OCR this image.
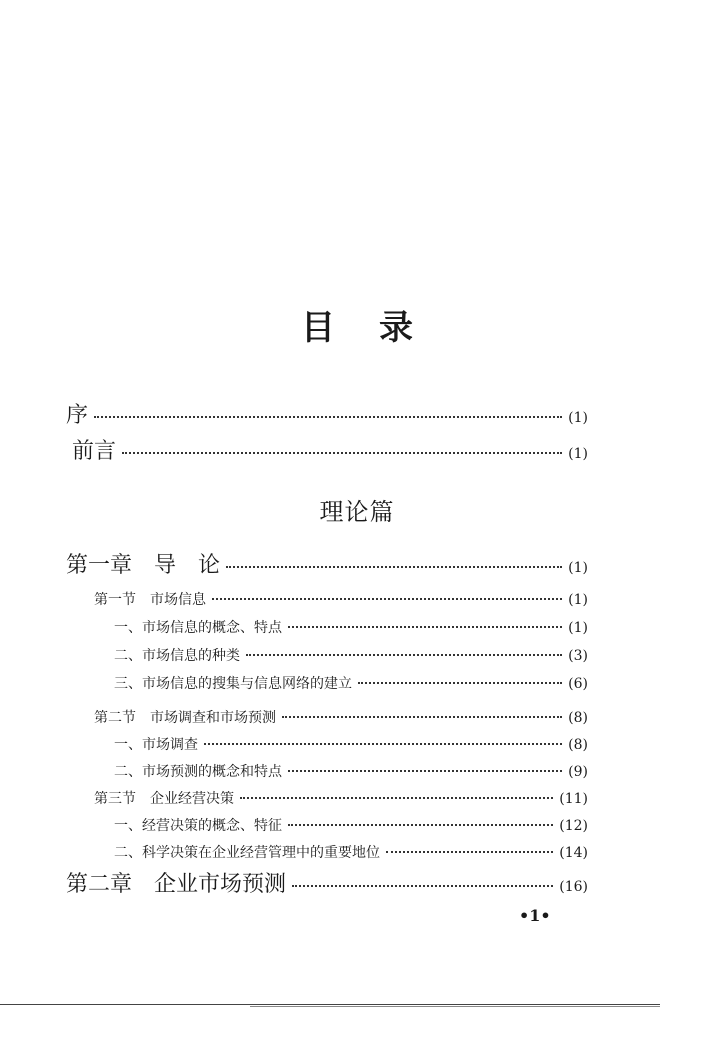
目 录
序	(1)
前言	(1)
理论篇
第一章　导　论	(1)
第一节　市场信息	(1)
一、市场信息的概念、特点	(1)
二、市场信息的种类	(3)
三、市场信息的搜集与信息网络的建立	(6)
第二节　市场调查和市场预测	(8)
一、市场调查	(8)
二、市场预测的概念和特点	(9)
第三节　企业经营决策	(11)
一、经营决策的概念、特征	(12)
二、科学决策在企业经营管理中的重要地位	(14)
第二章　企业市场预测	(16)
•1•
